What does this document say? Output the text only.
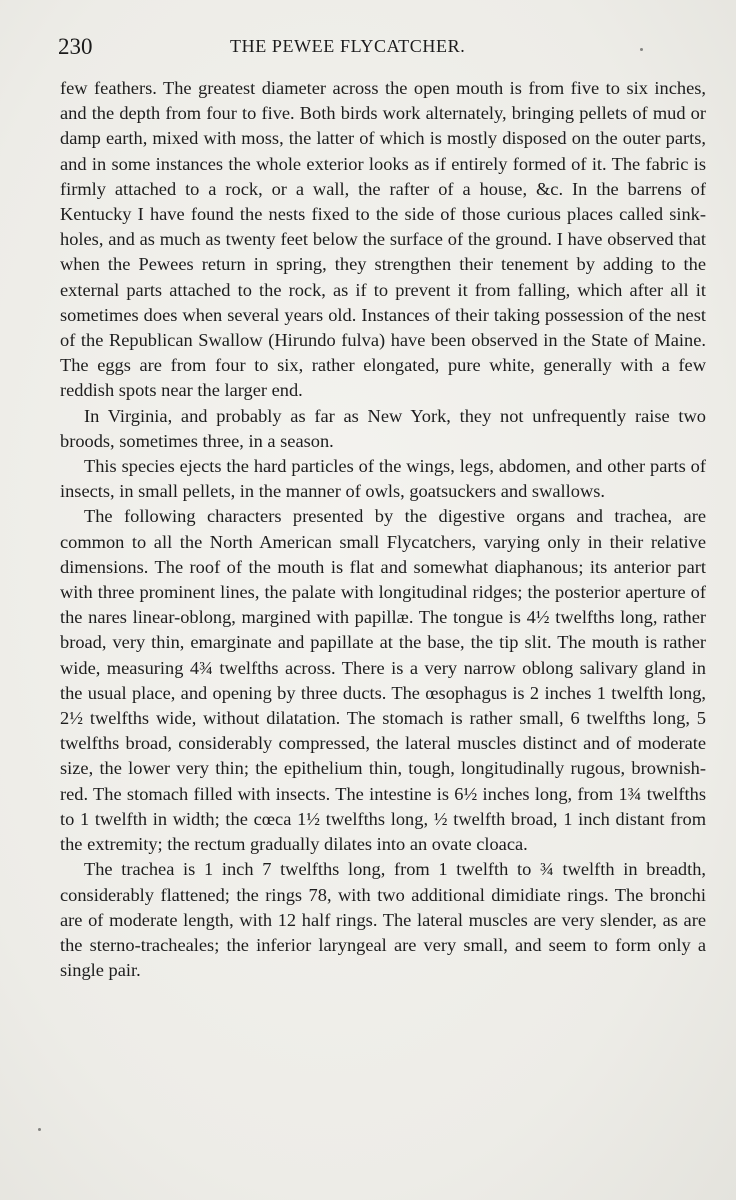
230	THE PEWEE FLYCATCHER.

few feathers. The greatest diameter across the open mouth is from five to six inches, and the depth from four to five. Both birds work alternately, bringing pellets of mud or damp earth, mixed with moss, the latter of which is mostly disposed on the outer parts, and in some instances the whole exterior looks as if entirely formed of it. The fabric is firmly attached to a rock, or a wall, the rafter of a house, &c. In the barrens of Kentucky I have found the nests fixed to the side of those curious places called sink-holes, and as much as twenty feet below the surface of the ground. I have observed that when the Pewees return in spring, they strengthen their tenement by adding to the external parts attached to the rock, as if to prevent it from falling, which after all it sometimes does when several years old. Instances of their taking possession of the nest of the Republican Swallow (Hirundo fulva) have been observed in the State of Maine. The eggs are from four to six, rather elongated, pure white, generally with a few reddish spots near the larger end.

In Virginia, and probably as far as New York, they not unfrequently raise two broods, sometimes three, in a season.

This species ejects the hard particles of the wings, legs, abdomen, and other parts of insects, in small pellets, in the manner of owls, goatsuckers and swallows.

The following characters presented by the digestive organs and trachea, are common to all the North American small Flycatchers, varying only in their relative dimensions. The roof of the mouth is flat and somewhat diaphanous; its anterior part with three prominent lines, the palate with longitudinal ridges; the posterior aperture of the nares linear-oblong, margined with papillæ. The tongue is 4½ twelfths long, rather broad, very thin, emarginate and papillate at the base, the tip slit. The mouth is rather wide, measuring 4¾ twelfths across. There is a very narrow oblong salivary gland in the usual place, and opening by three ducts. The œsophagus is 2 inches 1 twelfth long, 2½ twelfths wide, without dilatation. The stomach is rather small, 6 twelfths long, 5 twelfths broad, considerably compressed, the lateral muscles distinct and of moderate size, the lower very thin; the epithelium thin, tough, longitudinally rugous, brownish-red. The stomach filled with insects. The intestine is 6½ inches long, from 1¾ twelfths to 1 twelfth in width; the cœca 1½ twelfths long, ½ twelfth broad, 1 inch distant from the extremity; the rectum gradually dilates into an ovate cloaca.

The trachea is 1 inch 7 twelfths long, from 1 twelfth to ¾ twelfth in breadth, considerably flattened; the rings 78, with two additional dimidiate rings. The bronchi are of moderate length, with 12 half rings. The lateral muscles are very slender, as are the sterno-tracheales; the inferior laryngeal are very small, and seem to form only a single pair.
